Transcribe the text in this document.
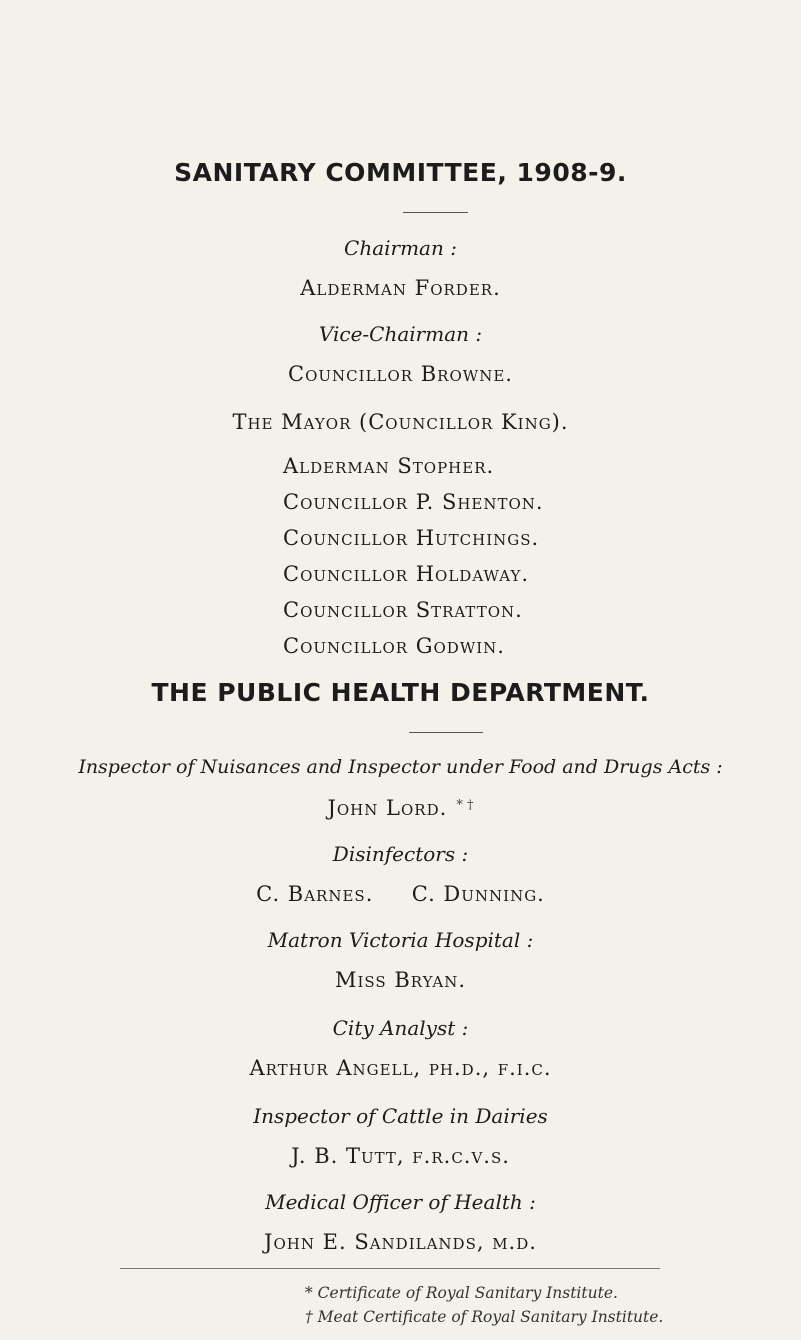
SANITARY COMMITTEE, 1908-9.
Chairman :
Alderman Forder.
Vice-Chairman :
Councillor Browne.
The Mayor (Councillor King).
Alderman Stopher.
Councillor P. Shenton.
Councillor Hutchings.
Councillor Holdaway.
Councillor Stratton.
Councillor Godwin.
THE PUBLIC HEALTH DEPARTMENT.
Inspector of Nuisances and Inspector under Food and Drugs Acts :
John Lord. * †
Disinfectors :
C. Barnes.     C. Dunning.
Matron Victoria Hospital :
Miss Bryan.
City Analyst :
Arthur Angell, ph.d., f.i.c.
Inspector of Cattle in Dairies
J. B. Tutt, f.r.c.v.s.
Medical Officer of Health :
John E. Sandilands, m.d.
* Certificate of Royal Sanitary Institute.
† Meat Certificate of Royal Sanitary Institute.
